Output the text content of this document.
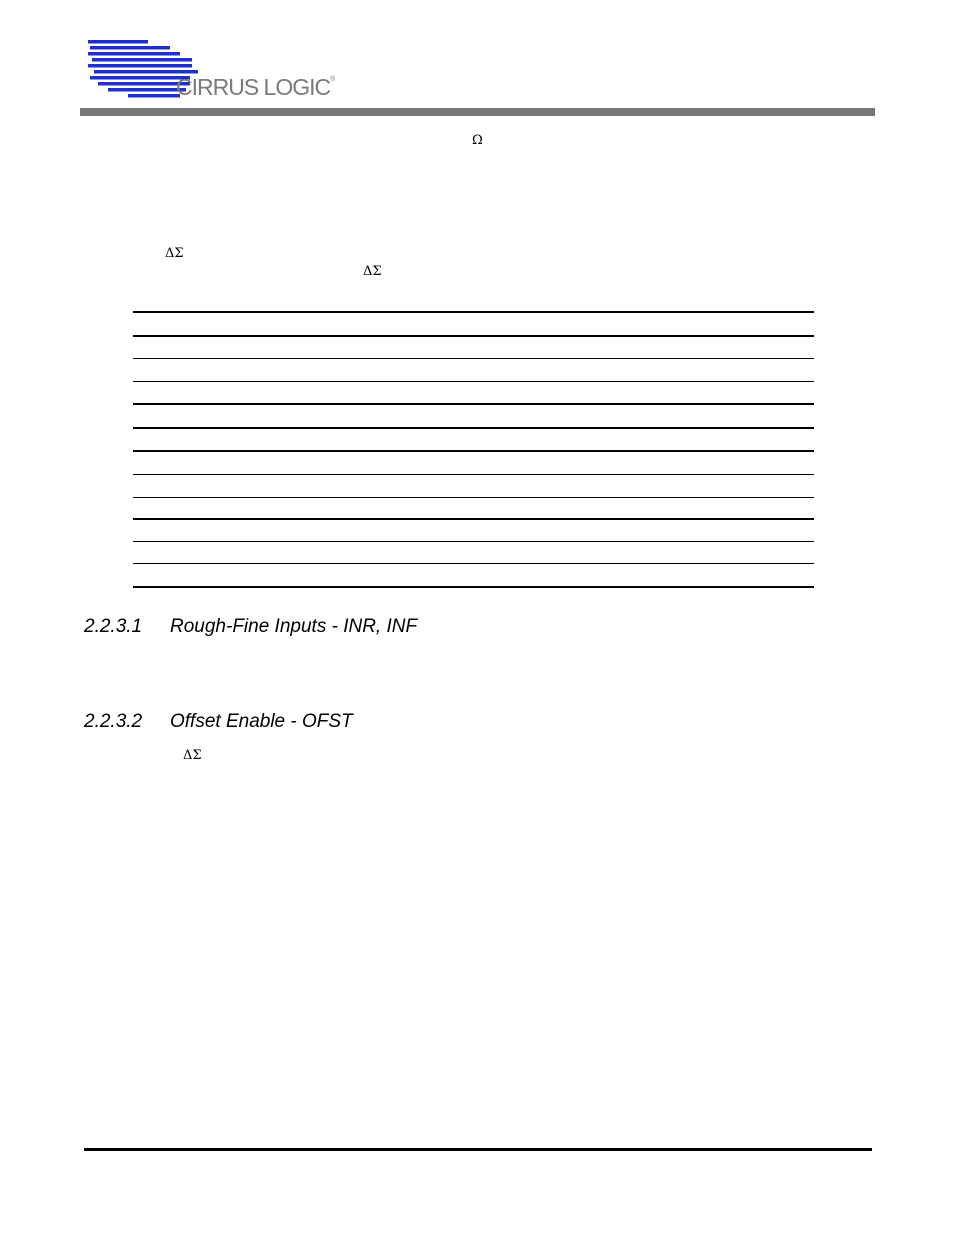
CIRRUS LOGIC®
Ω
ΔΣ
ΔΣ
2.2.3.1 Rough-Fine Inputs - INR, INF
2.2.3.2 Offset Enable - OFST
ΔΣ
